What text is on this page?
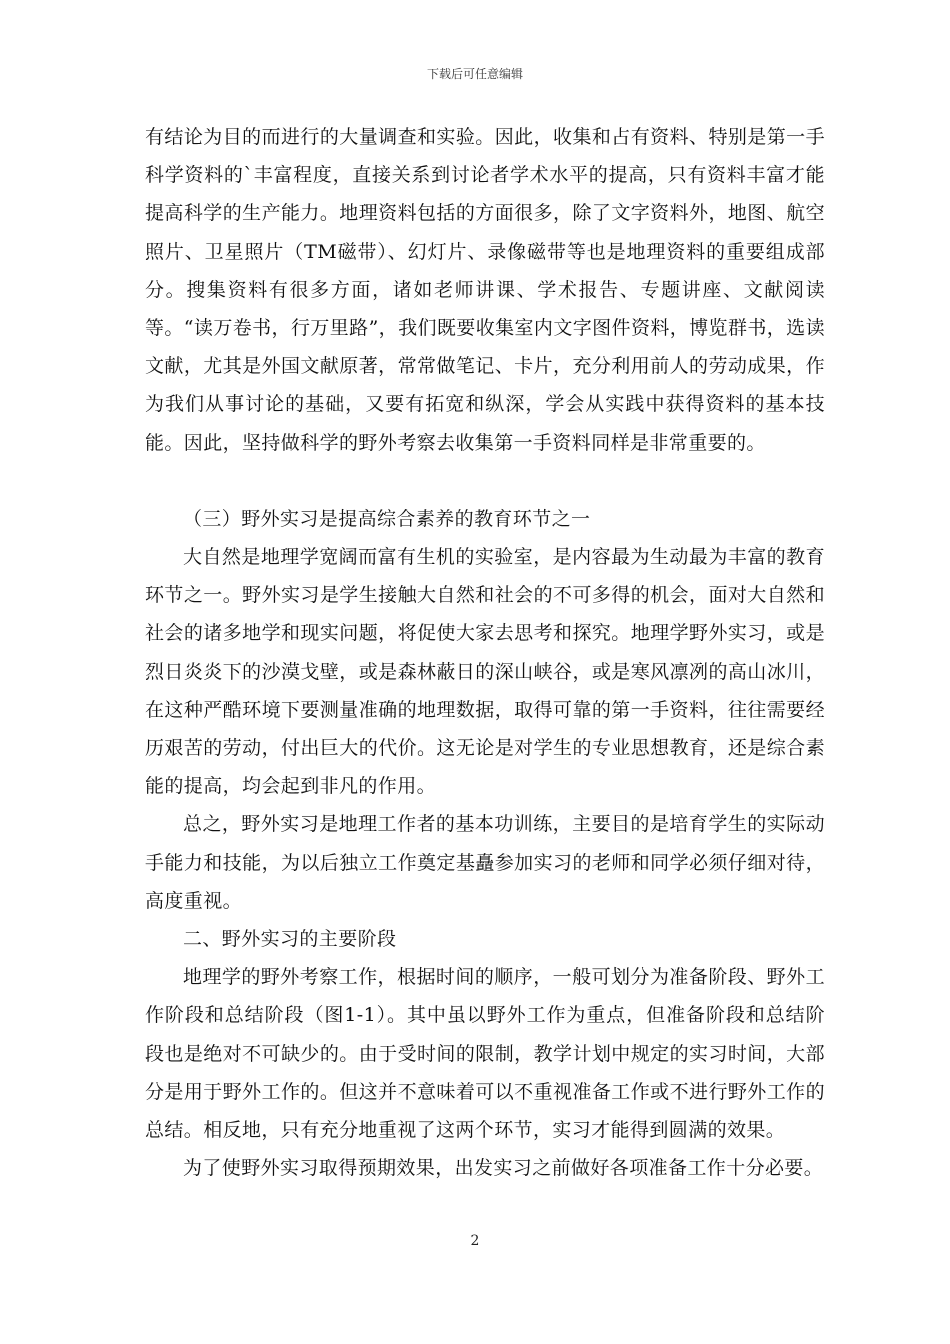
下载后可任意编辑

有结论为目的而进行的大量调查和实验。因此，收集和占有资料、特别是第一手科学资料的`丰富程度，直接关系到讨论者学术水平的提高，只有资料丰富才能提高科学的生产能力。地理资料包括的方面很多，除了文字资料外，地图、航空照片、卫星照片（TM磁带）、幻灯片、录像磁带等也是地理资料的重要组成部分。搜集资料有很多方面，诸如老师讲课、学术报告、专题讲座、文献阅读等。“读万卷书，行万里路”，我们既要收集室内文字图件资料，博览群书，选读文献，尤其是外国文献原著，常常做笔记、卡片，充分利用前人的劳动成果，作为我们从事讨论的基础，又要有拓宽和纵深，学会从实践中获得资料的基本技能。因此，坚持做科学的野外考察去收集第一手资料同样是非常重要的。

（三）野外实习是提高综合素养的教育环节之一

大自然是地理学宽阔而富有生机的实验室，是内容最为生动最为丰富的教育环节之一。野外实习是学生接触大自然和社会的不可多得的机会，面对大自然和社会的诸多地学和现实问题，将促使大家去思考和探究。地理学野外实习，或是烈日炎炎下的沙漠戈壁，或是森林蔽日的深山峡谷，或是寒风凛冽的高山冰川，在这种严酷环境下要测量准确的地理数据，取得可靠的第一手资料，往往需要经历艰苦的劳动，付出巨大的代价。这无论是对学生的专业思想教育，还是综合素能的提高，均会起到非凡的作用。

总之，野外实习是地理工作者的基本功训练，主要目的是培育学生的实际动手能力和技能，为以后独立工作奠定基矗参加实习的老师和同学必须仔细对待，高度重视。

二、野外实习的主要阶段

地理学的野外考察工作，根据时间的顺序，一般可划分为准备阶段、野外工作阶段和总结阶段（图1-1）。其中虽以野外工作为重点，但准备阶段和总结阶段也是绝对不可缺少的。由于受时间的限制，教学计划中规定的实习时间，大部分是用于野外工作的。但这并不意味着可以不重视准备工作或不进行野外工作的总结。相反地，只有充分地重视了这两个环节，实习才能得到圆满的效果。

为了使野外实习取得预期效果，出发实习之前做好各项准备工作十分必要。

2
